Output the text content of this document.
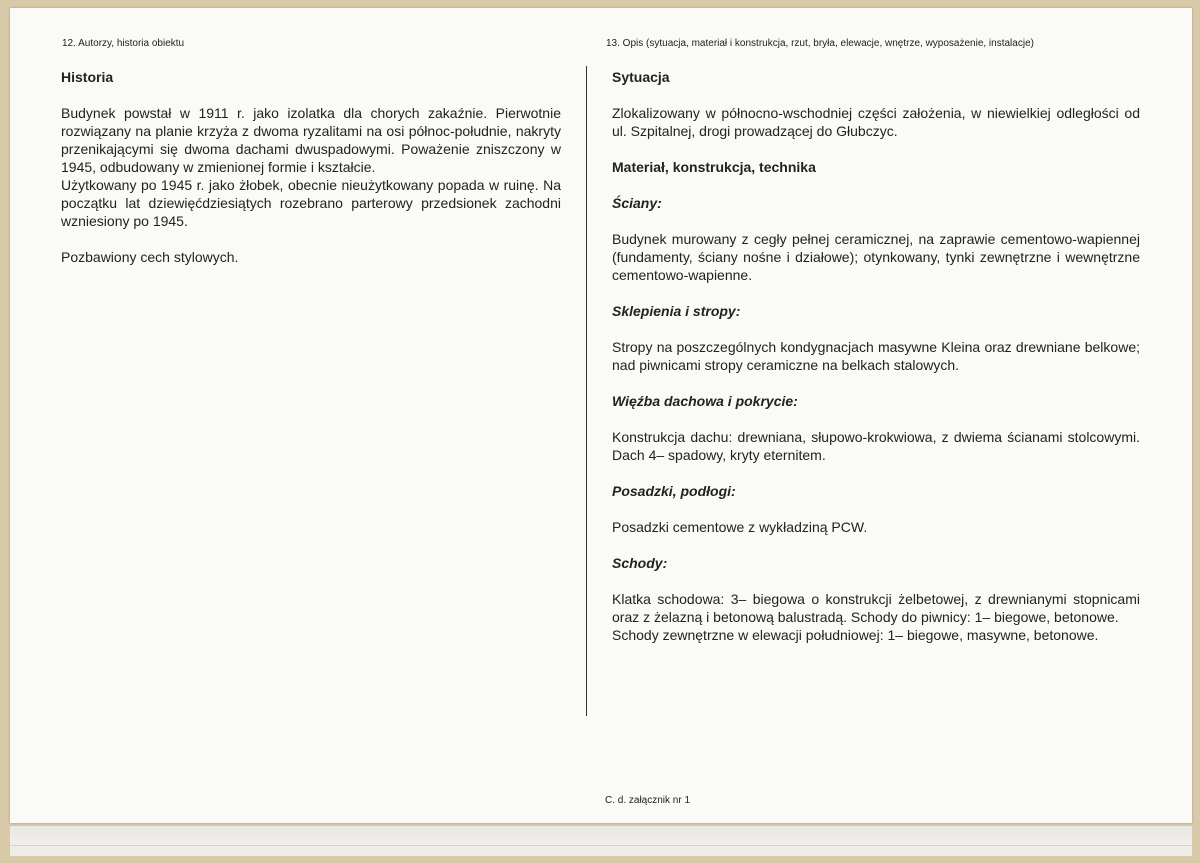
12. Autorzy, historia obiektu	13. Opis (sytuacja, materiał i konstrukcja, rzut, bryła, elewacje, wnętrze, wyposażenie, instalacje)
Historia

Budynek powstał w 1911 r. jako izolatka dla chorych zakaźnie. Pierwotnie rozwiązany na planie krzyża z dwoma ryzalitami na osi północ-południe, nakryty przenikającymi się dwoma dachami dwuspadowymi. Poważenie zniszczony w 1945, odbudowany w zmienionej formie i kształcie.

Użytkowany po 1945 r. jako żłobek, obecnie nieużytkowany popada w ruinę. Na początku lat dziewięćdziesiątych rozebrano parterowy przedsionek zachodni wzniesiony po 1945.

Pozbawiony cech stylowych.

Sytuacja

Zlokalizowany w północno-wschodniej części założenia, w niewielkiej odległości od ul. Szpitalnej, drogi prowadzącej do Głubczyc.

Materiał, konstrukcja, technika
Ściany:

Budynek murowany z cegły pełnej ceramicznej, na zaprawie cementowo-wapiennej (fundamenty, ściany nośne i działowe); otynkowany, tynki zewnętrzne i wewnętrzne cementowo-wapienne.

Sklepienia i stropy:

Stropy na poszczególnych kondygnacjach masywne Kleina oraz drewniane belkowe; nad piwnicami stropy ceramiczne na belkach stalowych.

Więźba dachowa i pokrycie:

Konstrukcja dachu: drewniana, słupowo-krokwiowa, z dwiema ścianami stolcowymi. Dach 4– spadowy, kryty eternitem.

Posadzki, podłogi:

Posadzki cementowe z wykładziną PCW.

Schody:

Klatka schodowa: 3– biegowa o konstrukcji żelbetowej, z drewnianymi stopnicami oraz z żelazną i betonową balustradą. Schody do piwnicy: 1– biegowe, betonowe.

Schody zewnętrzne w elewacji południowej: 1– biegowe, masywne, betonowe.

C. d. załącznik nr 1
